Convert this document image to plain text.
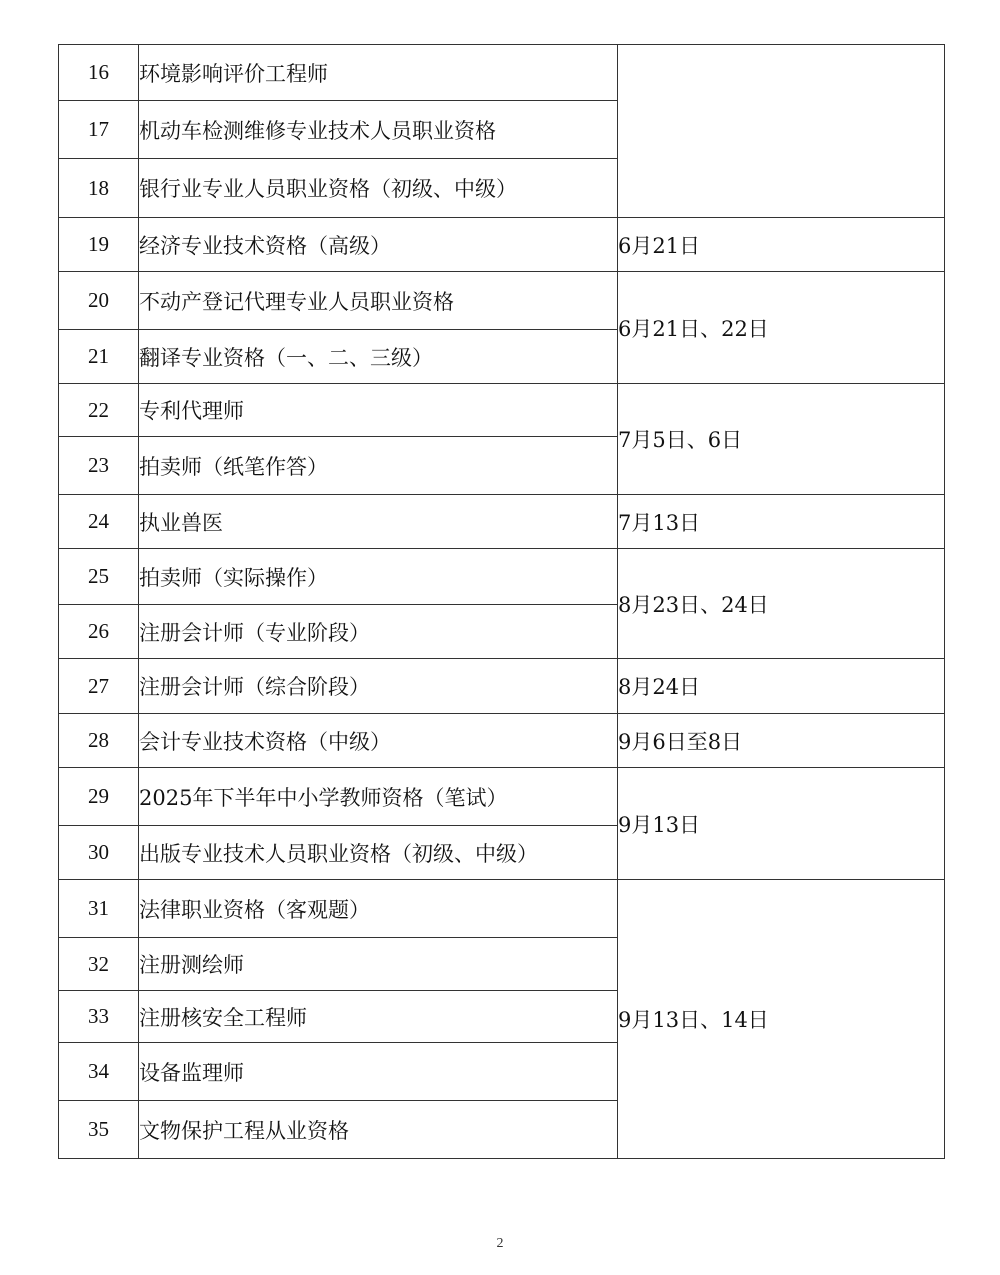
16	环境影响评价工程师	
17	机动车检测维修专业技术人员职业资格	
18	银行业专业人员职业资格（初级、中级）	
19	经济专业技术资格（高级）	6月21日
20	不动产登记代理专业人员职业资格	6月21日、22日
21	翻译专业资格（一、二、三级）	
22	专利代理师	7月5日、6日
23	拍卖师（纸笔作答）	
24	执业兽医	7月13日
25	拍卖师（实际操作）	8月23日、24日
26	注册会计师（专业阶段）	
27	注册会计师（综合阶段）	8月24日
28	会计专业技术资格（中级）	9月6日至8日
29	2025年下半年中小学教师资格（笔试）	9月13日
30	出版专业技术人员职业资格（初级、中级）	
31	法律职业资格（客观题）	9月13日、14日
32	注册测绘师	
33	注册核安全工程师	
34	设备监理师	
35	文物保护工程从业资格	
2
